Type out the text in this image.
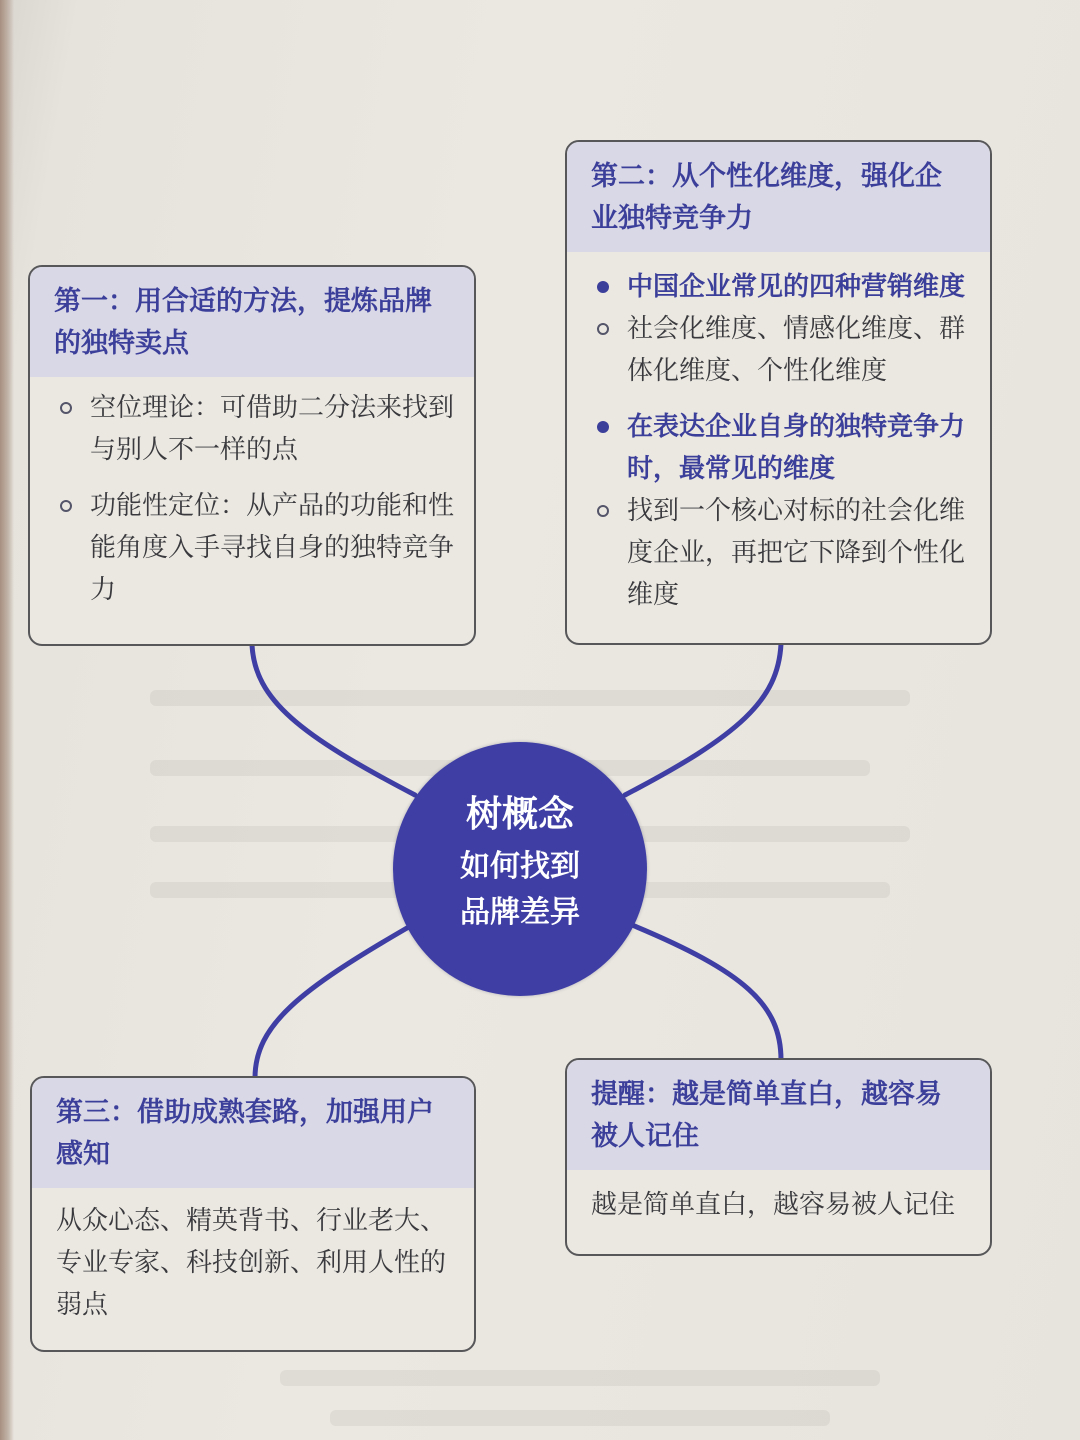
第一：用合适的方法，提炼品牌的独特卖点
空位理论：可借助二分法来找到与别人不一样的点
功能性定位：从产品的功能和性能角度入手寻找自身的独特竞争力
第二：从个性化维度，强化企业独特竞争力
中国企业常见的四种营销维度
社会化维度、情感化维度、群体化维度、个性化维度
在表达企业自身的独特竞争力时，最常见的维度
找到一个核心对标的社会化维度企业，再把它下降到个性化维度
第三：借助成熟套路，加强用户感知
从众心态、精英背书、行业老大、专业专家、科技创新、利用人性的弱点
提醒：越是简单直白，越容易被人记住
越是简单直白，越容易被人记住
树概念
如何找到
品牌差异
